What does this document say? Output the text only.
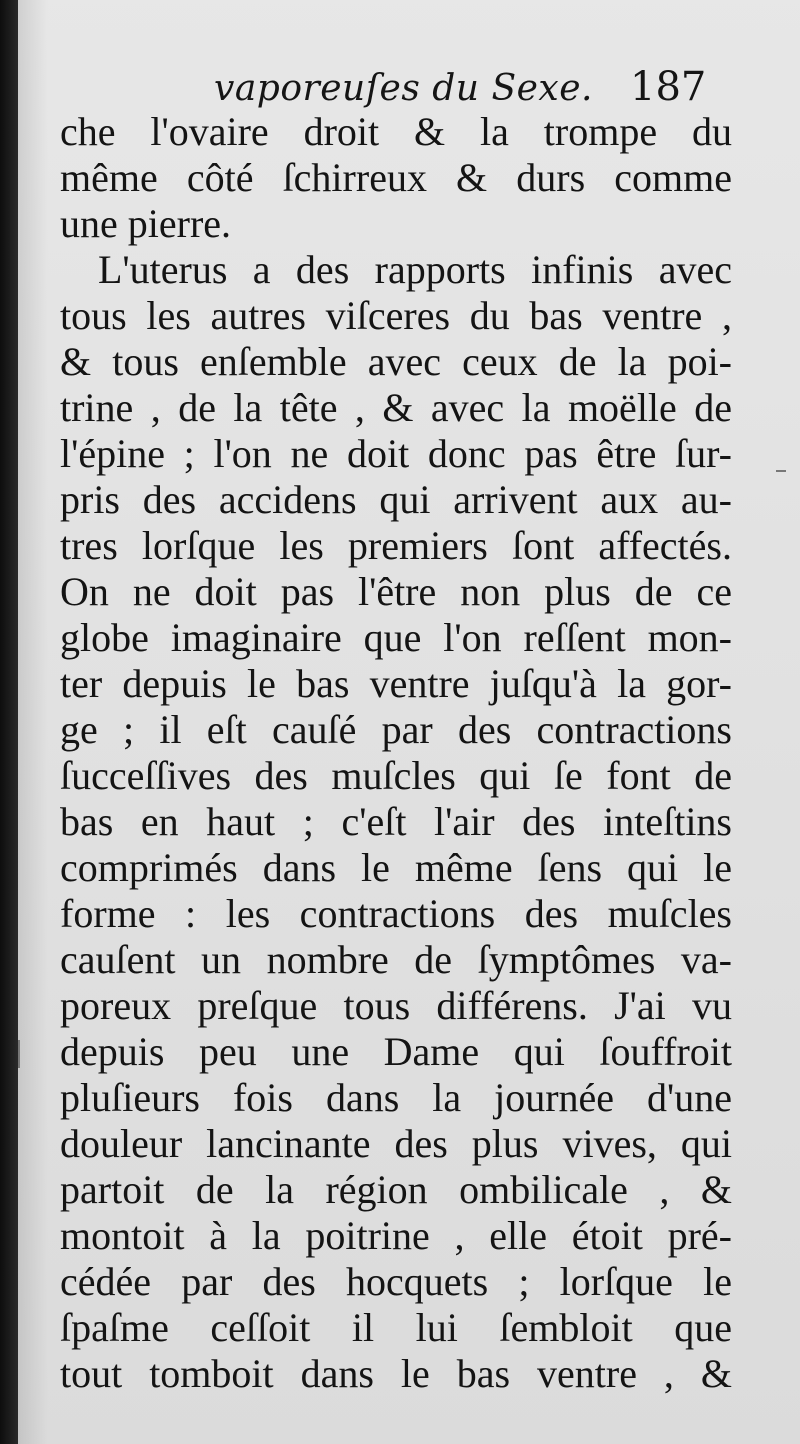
vaporeuſes du Sexe. 187
che l'ovaire droit & la trompe du
même côté ſchirreux & durs comme
une pierre.
L'uterus a des rapports infinis avec
tous les autres viſceres du bas ventre ,
& tous enſemble avec ceux de la poi-
trine , de la tête , & avec la moëlle de
l'épine ; l'on ne doit donc pas être ſur-
pris des accidens qui arrivent aux au-
tres lorſque les premiers ſont affectés.
On ne doit pas l'être non plus de ce
globe imaginaire que l'on reſſent mon-
ter depuis le bas ventre juſqu'à la gor-
ge ; il eſt cauſé par des contractions
ſucceſſives des muſcles qui ſe font de
bas en haut ; c'eſt l'air des inteſtins
comprimés dans le même ſens qui le
forme : les contractions des muſcles
cauſent un nombre de ſymptômes va-
poreux preſque tous différens. J'ai vu
depuis peu une Dame qui ſouffroit
pluſieurs fois dans la journée d'une
douleur lancinante des plus vives, qui
partoit de la région ombilicale , &
montoit à la poitrine , elle étoit pré-
cédée par des hocquets ; lorſque le
ſpaſme ceſſoit il lui ſembloit que
tout tomboit dans le bas ventre , &
